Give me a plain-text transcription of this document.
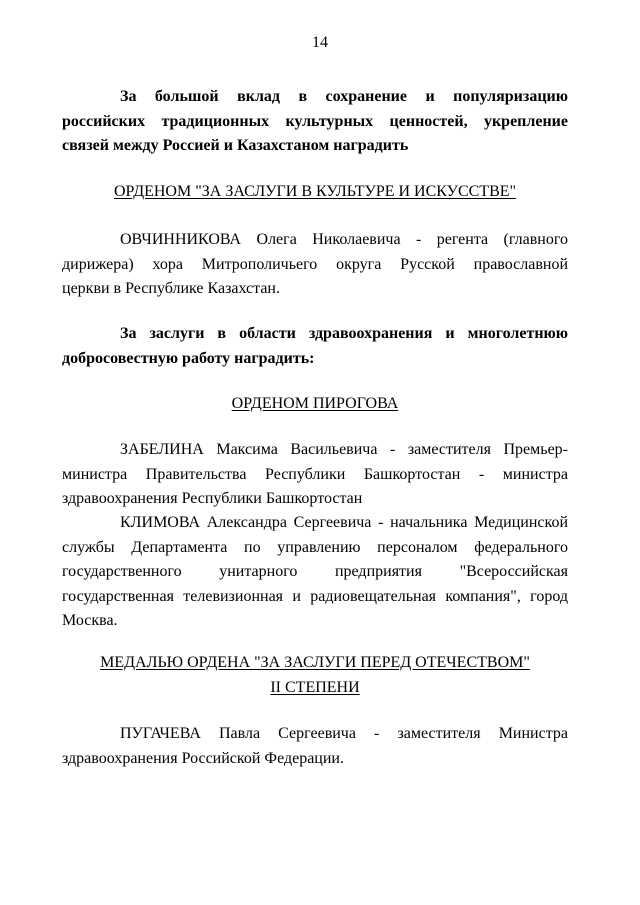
14
За большой вклад в сохранение и популяризацию
российских традиционных культурных ценностей, укрепление
связей между Россией и Казахстаном наградить
ОРДЕНОМ "ЗА ЗАСЛУГИ В КУЛЬТУРЕ И ИСКУССТВЕ"
ОВЧИННИКОВА Олега Николаевича - регента (главного
дирижера) хора Митрополичьего округа Русской православной
церкви в Республике Казахстан.
За заслуги в области здравоохранения и многолетнюю
добросовестную работу наградить:
ОРДЕНОМ ПИРОГОВА
ЗАБЕЛИНА Максима Васильевича - заместителя Премьер-
министра Правительства Республики Башкортостан - министра
здравоохранения Республики Башкортостан
КЛИМОВА Александра Сергеевича - начальника Медицинской
службы Департамента по управлению персоналом федерального
государственного унитарного предприятия "Всероссийская
государственная телевизионная и радиовещательная компания", город
Москва.
МЕДАЛЬЮ ОРДЕНА "ЗА ЗАСЛУГИ ПЕРЕД ОТЕЧЕСТВОМ"
II СТЕПЕНИ
ПУГАЧЕВА Павла Сергеевича - заместителя Министра
здравоохранения Российской Федерации.
